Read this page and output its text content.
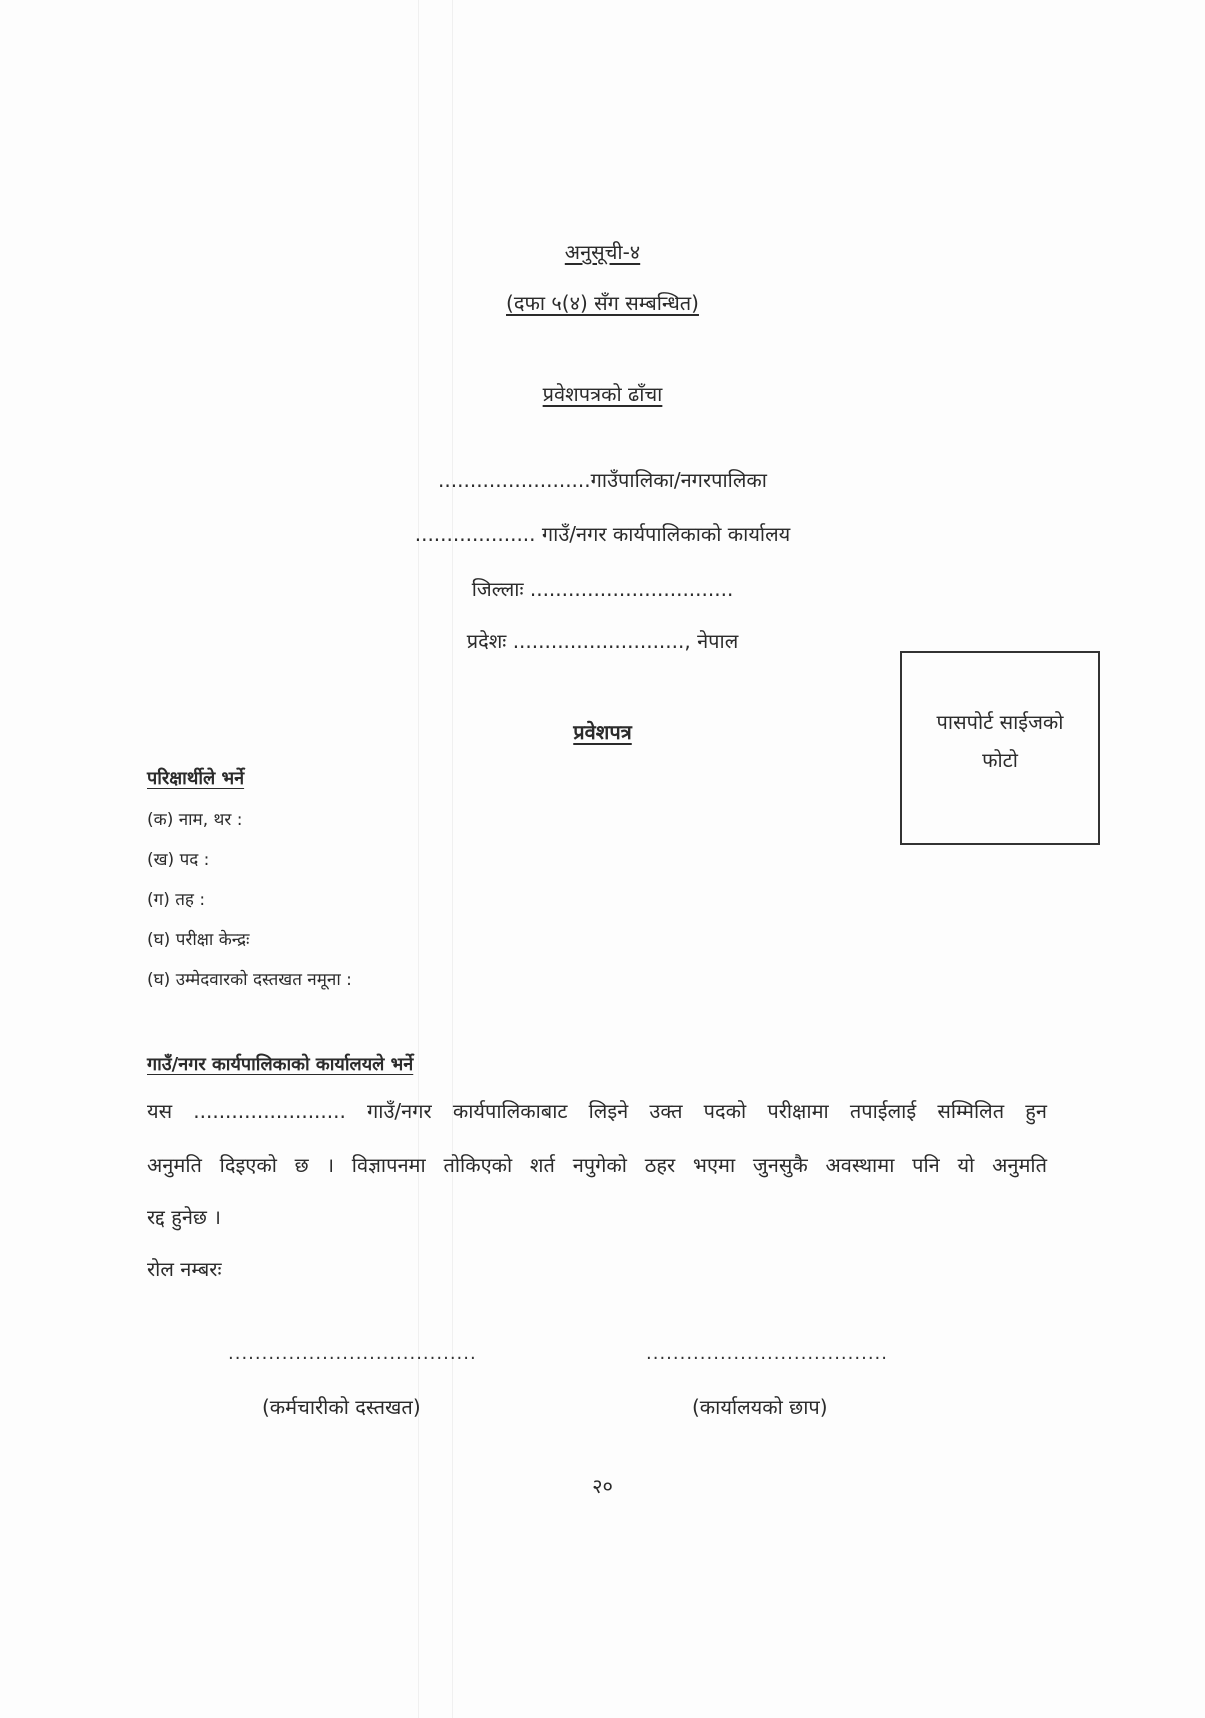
अनुसूची-४
(दफा ५(४) सँग सम्बन्धित)
प्रवेशपत्रको ढाँचा
........................गाउँपालिका/नगरपालिका
................... गाउँ/नगर कार्यपालिकाको कार्यालय
जिल्लाः ................................
प्रदेशः ..........................., नेपाल
प्रवेशपत्र	पासपोर्ट साईजको
फोटो
परिक्षार्थीले भर्ने
(क) नाम, थर :
(ख) पद :
(ग) तह :
(घ) परीक्षा केन्द्रः
(घ) उम्मेदवारको दस्तखत नमूना :
गाउँ/नगर कार्यपालिकाको कार्यालयले भर्ने
यस ........................ गाउँ/नगर कार्यपालिकाबाट लिइने उक्त पदको परीक्षामा तपाईलाई सम्मिलित हुन
अनुमति दिइएको छ । विज्ञापनमा तोकिएको शर्त नपुगेको ठहर भएमा जुनसुकै अवस्थामा पनि यो अनुमति
रद्द हुनेछ ।
रोल नम्बरः
.....................................	....................................
(कर्मचारीको दस्तखत)	(कार्यालयको छाप)
२०
